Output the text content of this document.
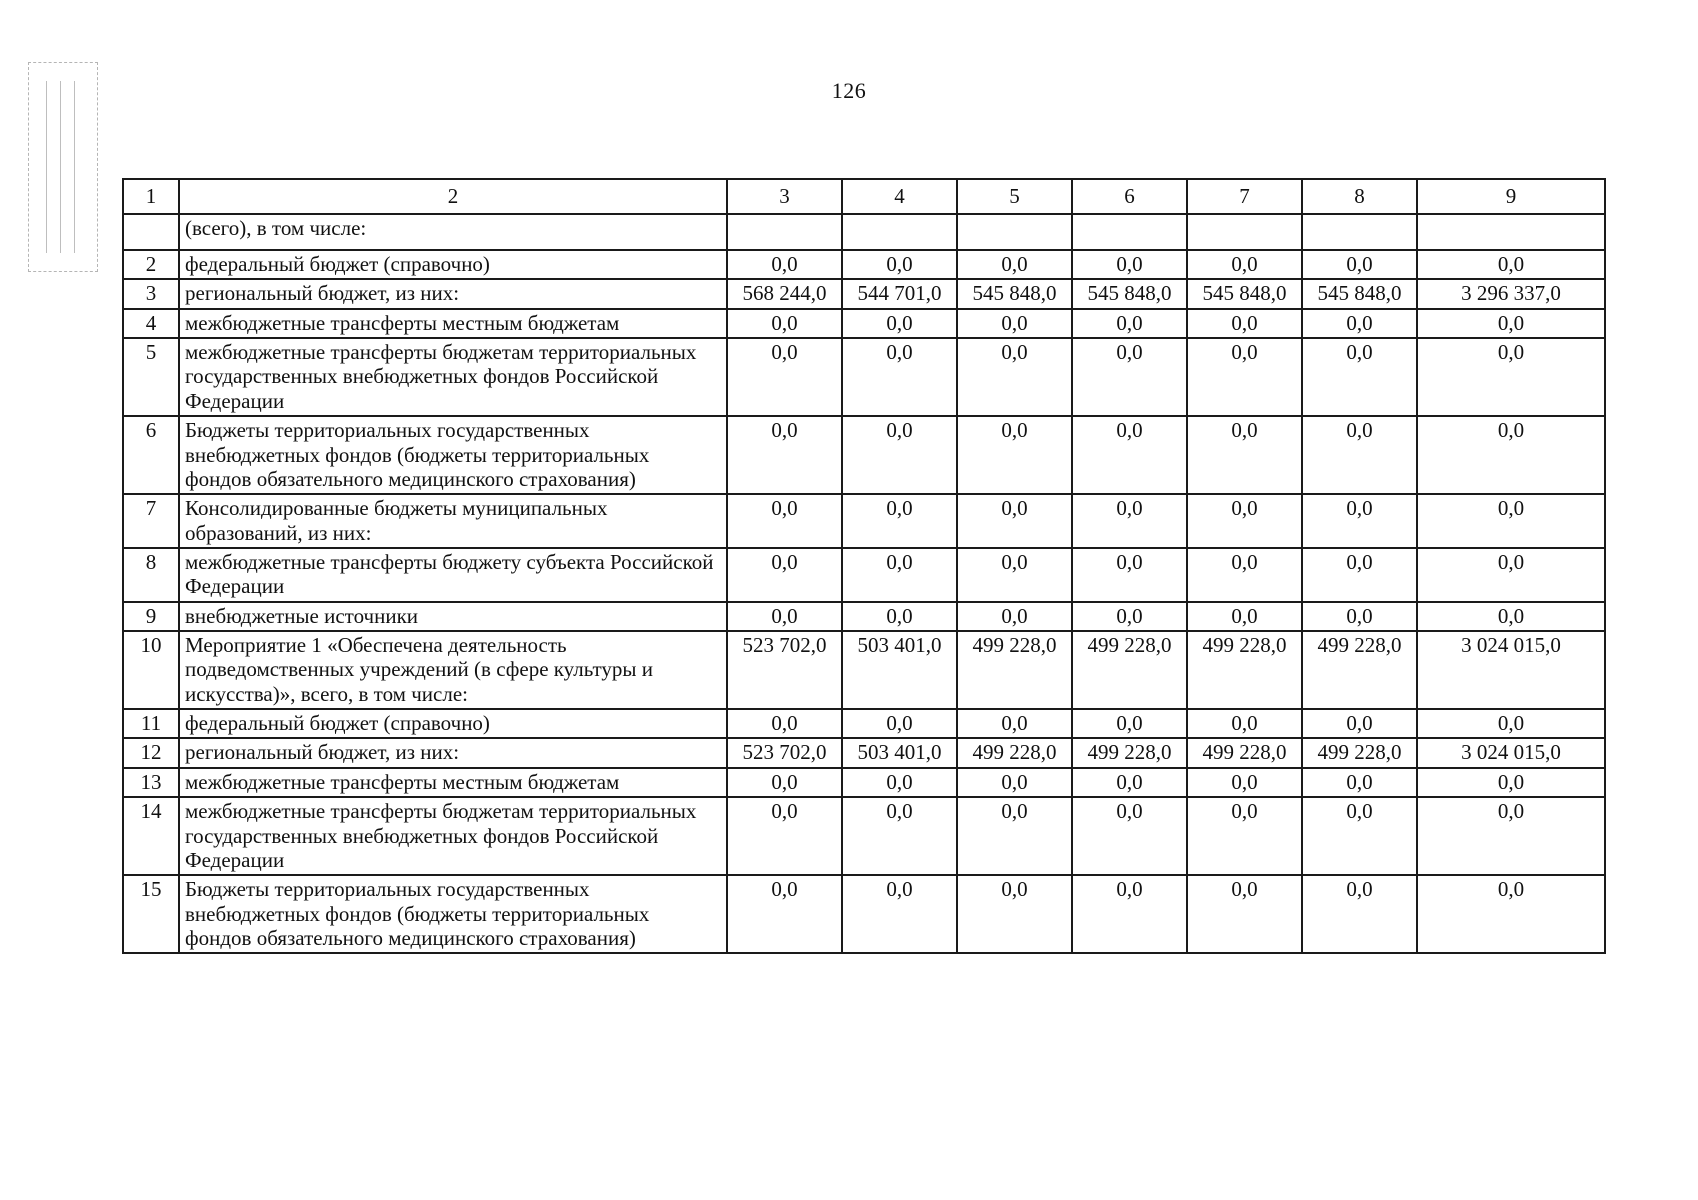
126
1	2	3	4	5	6	7	8	9
	(всего), в том числе:							
2	федеральный бюджет (справочно)	0,0	0,0	0,0	0,0	0,0	0,0	0,0
3	региональный бюджет, из них:	568 244,0	544 701,0	545 848,0	545 848,0	545 848,0	545 848,0	3 296 337,0
4	межбюджетные трансферты местным бюджетам	0,0	0,0	0,0	0,0	0,0	0,0	0,0
5	межбюджетные трансферты бюджетам территориальных государственных внебюджетных фондов Российской Федерации	0,0	0,0	0,0	0,0	0,0	0,0	0,0
6	Бюджеты территориальных государственных внебюджетных фондов (бюджеты территориальных фондов обязательного медицинского страхования)	0,0	0,0	0,0	0,0	0,0	0,0	0,0
7	Консолидированные бюджеты муниципальных образований, из них:	0,0	0,0	0,0	0,0	0,0	0,0	0,0
8	межбюджетные трансферты бюджету субъекта Российской Федерации	0,0	0,0	0,0	0,0	0,0	0,0	0,0
9	внебюджетные источники	0,0	0,0	0,0	0,0	0,0	0,0	0,0
10	Мероприятие 1 «Обеспечена деятельность подведомственных учреждений (в сфере культуры и искусства)», всего, в том числе:	523 702,0	503 401,0	499 228,0	499 228,0	499 228,0	499 228,0	3 024 015,0
11	федеральный бюджет (справочно)	0,0	0,0	0,0	0,0	0,0	0,0	0,0
12	региональный бюджет, из них:	523 702,0	503 401,0	499 228,0	499 228,0	499 228,0	499 228,0	3 024 015,0
13	межбюджетные трансферты местным бюджетам	0,0	0,0	0,0	0,0	0,0	0,0	0,0
14	межбюджетные трансферты бюджетам территориальных государственных внебюджетных фондов Российской Федерации	0,0	0,0	0,0	0,0	0,0	0,0	0,0
15	Бюджеты территориальных государственных внебюджетных фондов (бюджеты территориальных фондов обязательного медицинского страхования)	0,0	0,0	0,0	0,0	0,0	0,0	0,0
